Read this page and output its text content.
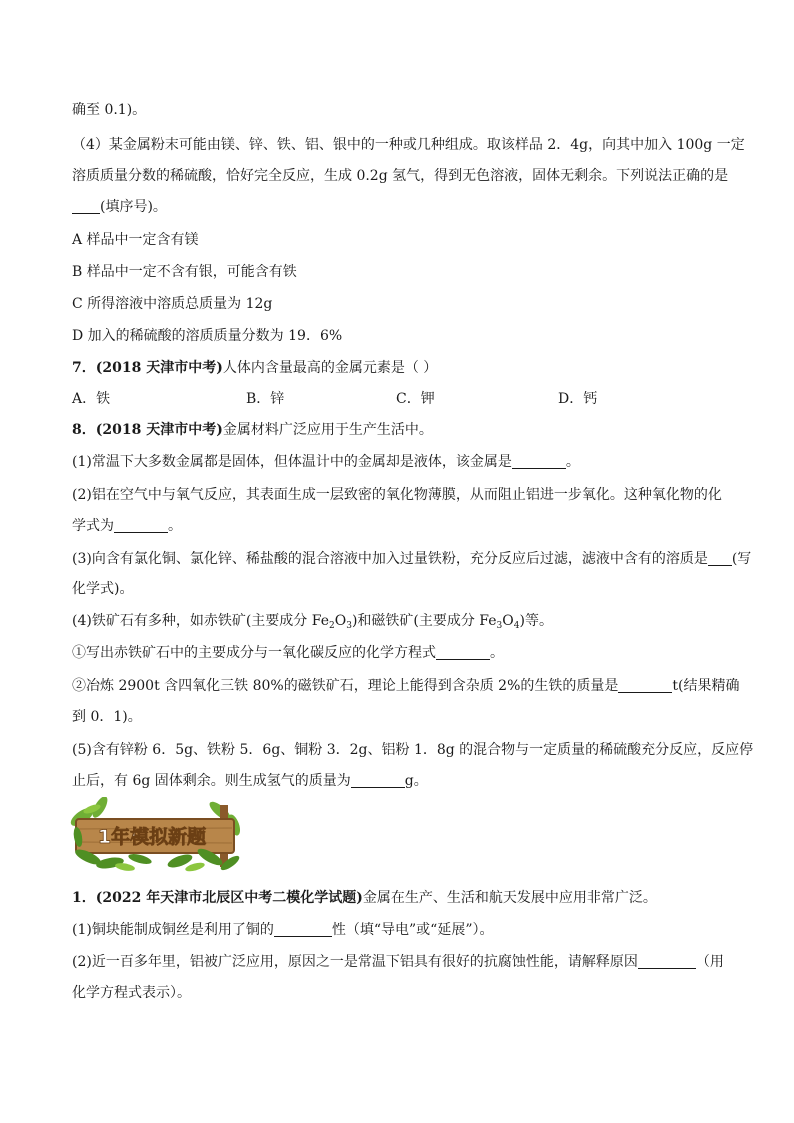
确至 0.1)。
（4）某金属粉末可能由镁、锌、铁、铝、银中的一种或几种组成。取该样品 2．4g，向其中加入 100g 一定
溶质质量分数的稀硫酸，恰好完全反应，生成 0.2g 氢气，得到无色溶液，固体无剩余。下列说法正确的是
(填序号)。
A 样品中一定含有镁
B 样品中一定不含有银，可能含有铁
C 所得溶液中溶质总质量为 12g
D 加入的稀硫酸的溶质质量分数为 19．6%
7．(2018 天津市中考)人体内含量最高的金属元素是（ ）
A．铁	B．锌	C．钾	D．钙
8．(2018 天津市中考)金属材料广泛应用于生产生活中。
(1)常温下大多数金属都是固体，但体温计中的金属却是液体，该金属是	。
(2)铝在空气中与氧气反应，其表面生成一层致密的氧化物薄膜，从而阻止铝进一步氧化。这种氧化物的化
学式为	。
(3)向含有氯化铜、氯化锌、稀盐酸的混合溶液中加入过量铁粉，充分反应后过滤，滤液中含有的溶质是 (写
化学式)。
(4)铁矿石有多种，如赤铁矿(主要成分 $Fe_2O_3$)和磁铁矿(主要成分 $Fe_3O_4$)等。
①写出赤铁矿石中的主要成分与一氧化碳反应的化学方程式	。
②冶炼 2900t 含四氧化三铁 80%的磁铁矿石，理论上能得到含杂质 2%的生铁的质量是	t(结果精确
到 0．1)。
(5)含有锌粉 6．5g、铁粉 5．6g、铜粉 3．2g、铝粉 1．8g 的混合物与一定质量的稀硫酸充分反应，反应停
止后，有 6g 固体剩余。则生成氢气的质量为	g。
1年模拟新题
1．(2022 年天津市北辰区中考二模化学试题)金属在生产、生活和航天发展中应用非常广泛。
(1)铜块能制成铜丝是利用了铜的	性（填“导电”或“延展”）。
(2)近一百多年里，铝被广泛应用，原因之一是常温下铝具有很好的抗腐蚀性能，请解释原因	（用
化学方程式表示）。
